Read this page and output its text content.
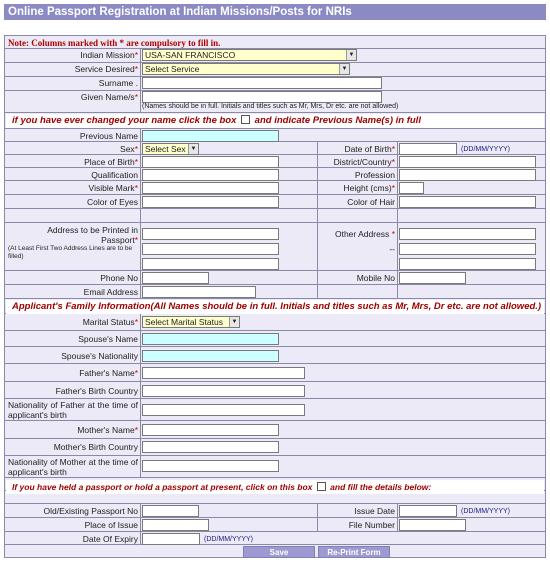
Online Passport Registration at Indian Missions/Posts for NRIs
Note: Columns marked with * are compulsory to fill in.
Indian Mission* USA-SAN FRANCISCO	▼
Service Desired* Select Service	▼
Surname .
Given Name/s*
(Names should be in full. Initials and titles such as Mr, Mrs, Dr etc. are not allowed)
if you have ever changed your name click the box and indicate Previous Name(s) in full
Previous Name
Sex* Select Sex ▼	Date of Birth*	(DD/MM/YYYY)
Place of Birth*	District/Country*
Qualification	Profession
Visible Mark*	Height (cms)*
Color of Eyes	Color of Hair
Address to be Printed in Passport*
(At Least First Two Address Lines are to be filled)
Other Address *
--
Phone No	Mobile No
Email Address
Applicant's Family Information(All Names should be in full. Initials and titles such as Mr, Mrs, Dr etc. are not allowed.)
Marital Status* Select Marital Status	▼
Spouse's Name
Spouse's Nationality
Father's Name*
Father's Birth Country
Nationality of Father at the time of applicant's birth
Mother's Name*
Mother's Birth Country
Nationality of Mother at the time of applicant's birth
If you have held a passport or hold a passport at present, click on this box and fill the details below:
Old/Existing Passport No	Issue Date	(DD/MM/YYYY)
Place of Issue	File Number
Date Of Expiry	(DD/MM/YYYY)
Save	Re-Print Form
